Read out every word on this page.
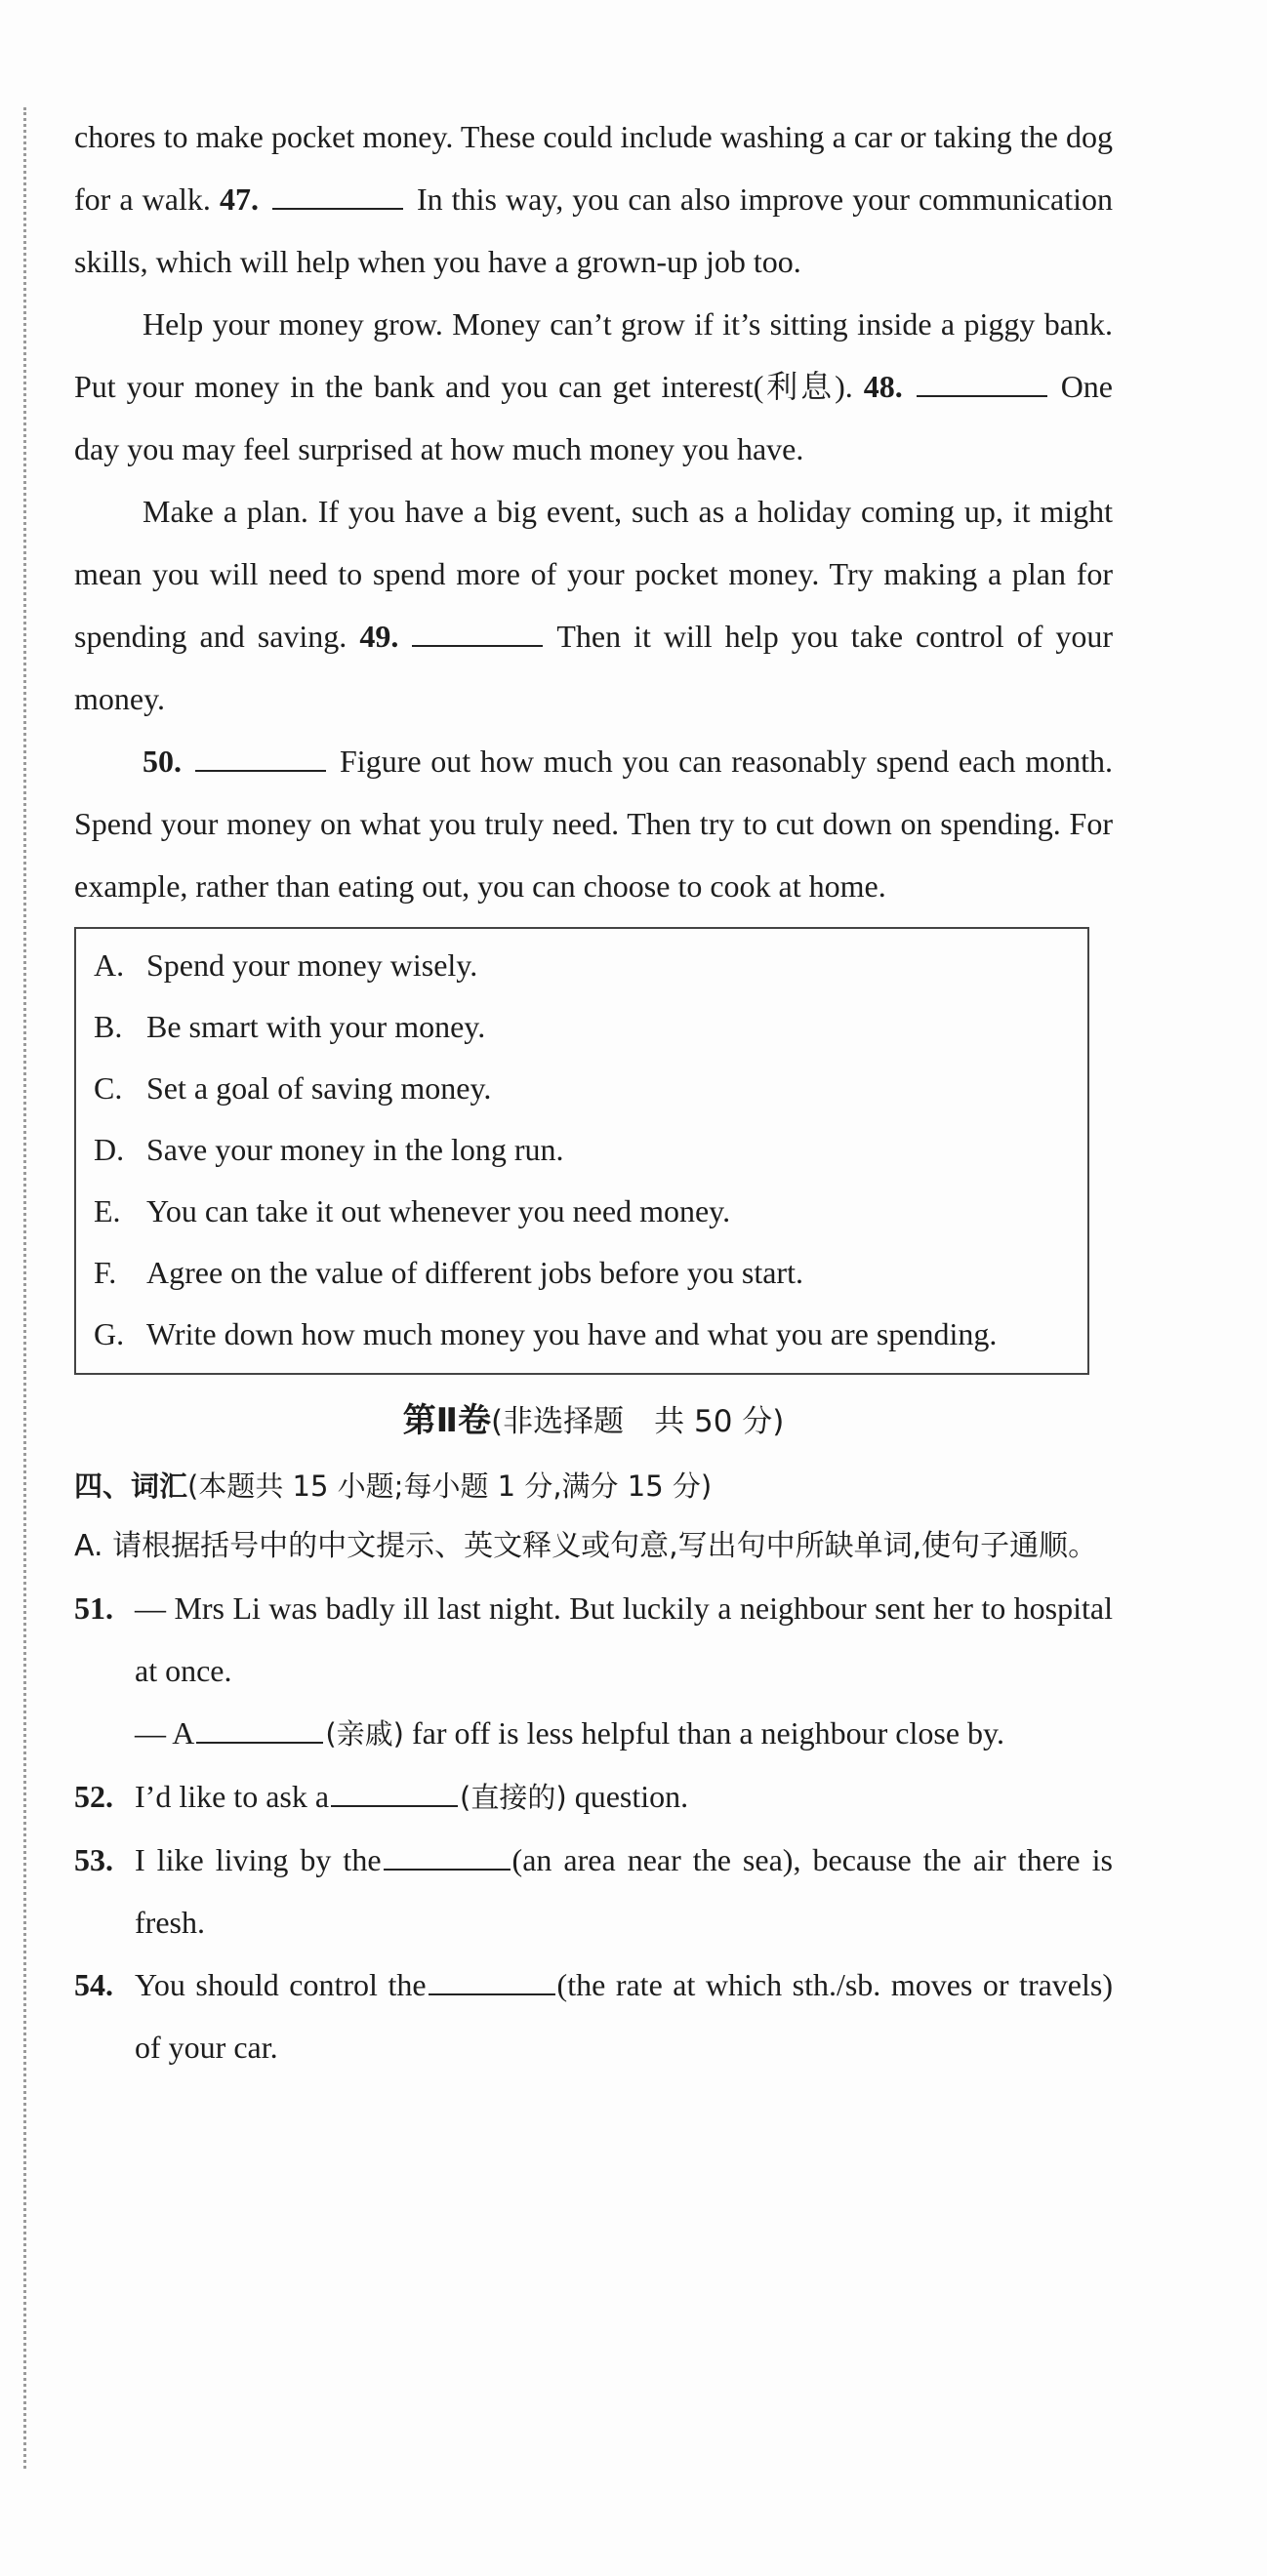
chores to make pocket money. These could include washing a car or taking the dog for a walk. 47.	In this way, you can also improve your communication skills, which will help when you have a grown-up job too.

Help your money grow. Money can’t grow if it’s sitting inside a piggy bank. Put your money in the bank and you can get interest(利息). 48.	One day you may feel surprised at how much money you have.

Make a plan. If you have a big event, such as a holiday coming up, it might mean you will need to spend more of your pocket money. Try making a plan for spending and saving. 49.	Then it will help you take control of your money.

50.	Figure out how much you can reasonably spend each month. Spend your money on what you truly need. Then try to cut down on spending. For example, rather than eating out, you can choose to cook at home.

A. Spend your money wisely.
B. Be smart with your money.
C. Set a goal of saving money.
D. Save your money in the long run.
E. You can take it out whenever you need money.
F. Agree on the value of different jobs before you start.
G. Write down how much money you have and what you are spending.
第Ⅱ卷(非选择题　共 50 分)
四、词汇(本题共 15 小题;每小题 1 分,满分 15 分)
A. 请根据括号中的中文提示、英文释义或句意,写出句中所缺单词,使句子通顺。
51. — Mrs Li was badly ill last night. But luckily a neighbour sent her to hospital at once.
— A	(亲戚) far off is less helpful than a neighbour close by.
52. I’d like to ask a	(直接的) question.
53. I like living by the	(an area near the sea), because the air there is fresh.
54. You should control the	(the rate at which sth./sb. moves or travels) of your car.
